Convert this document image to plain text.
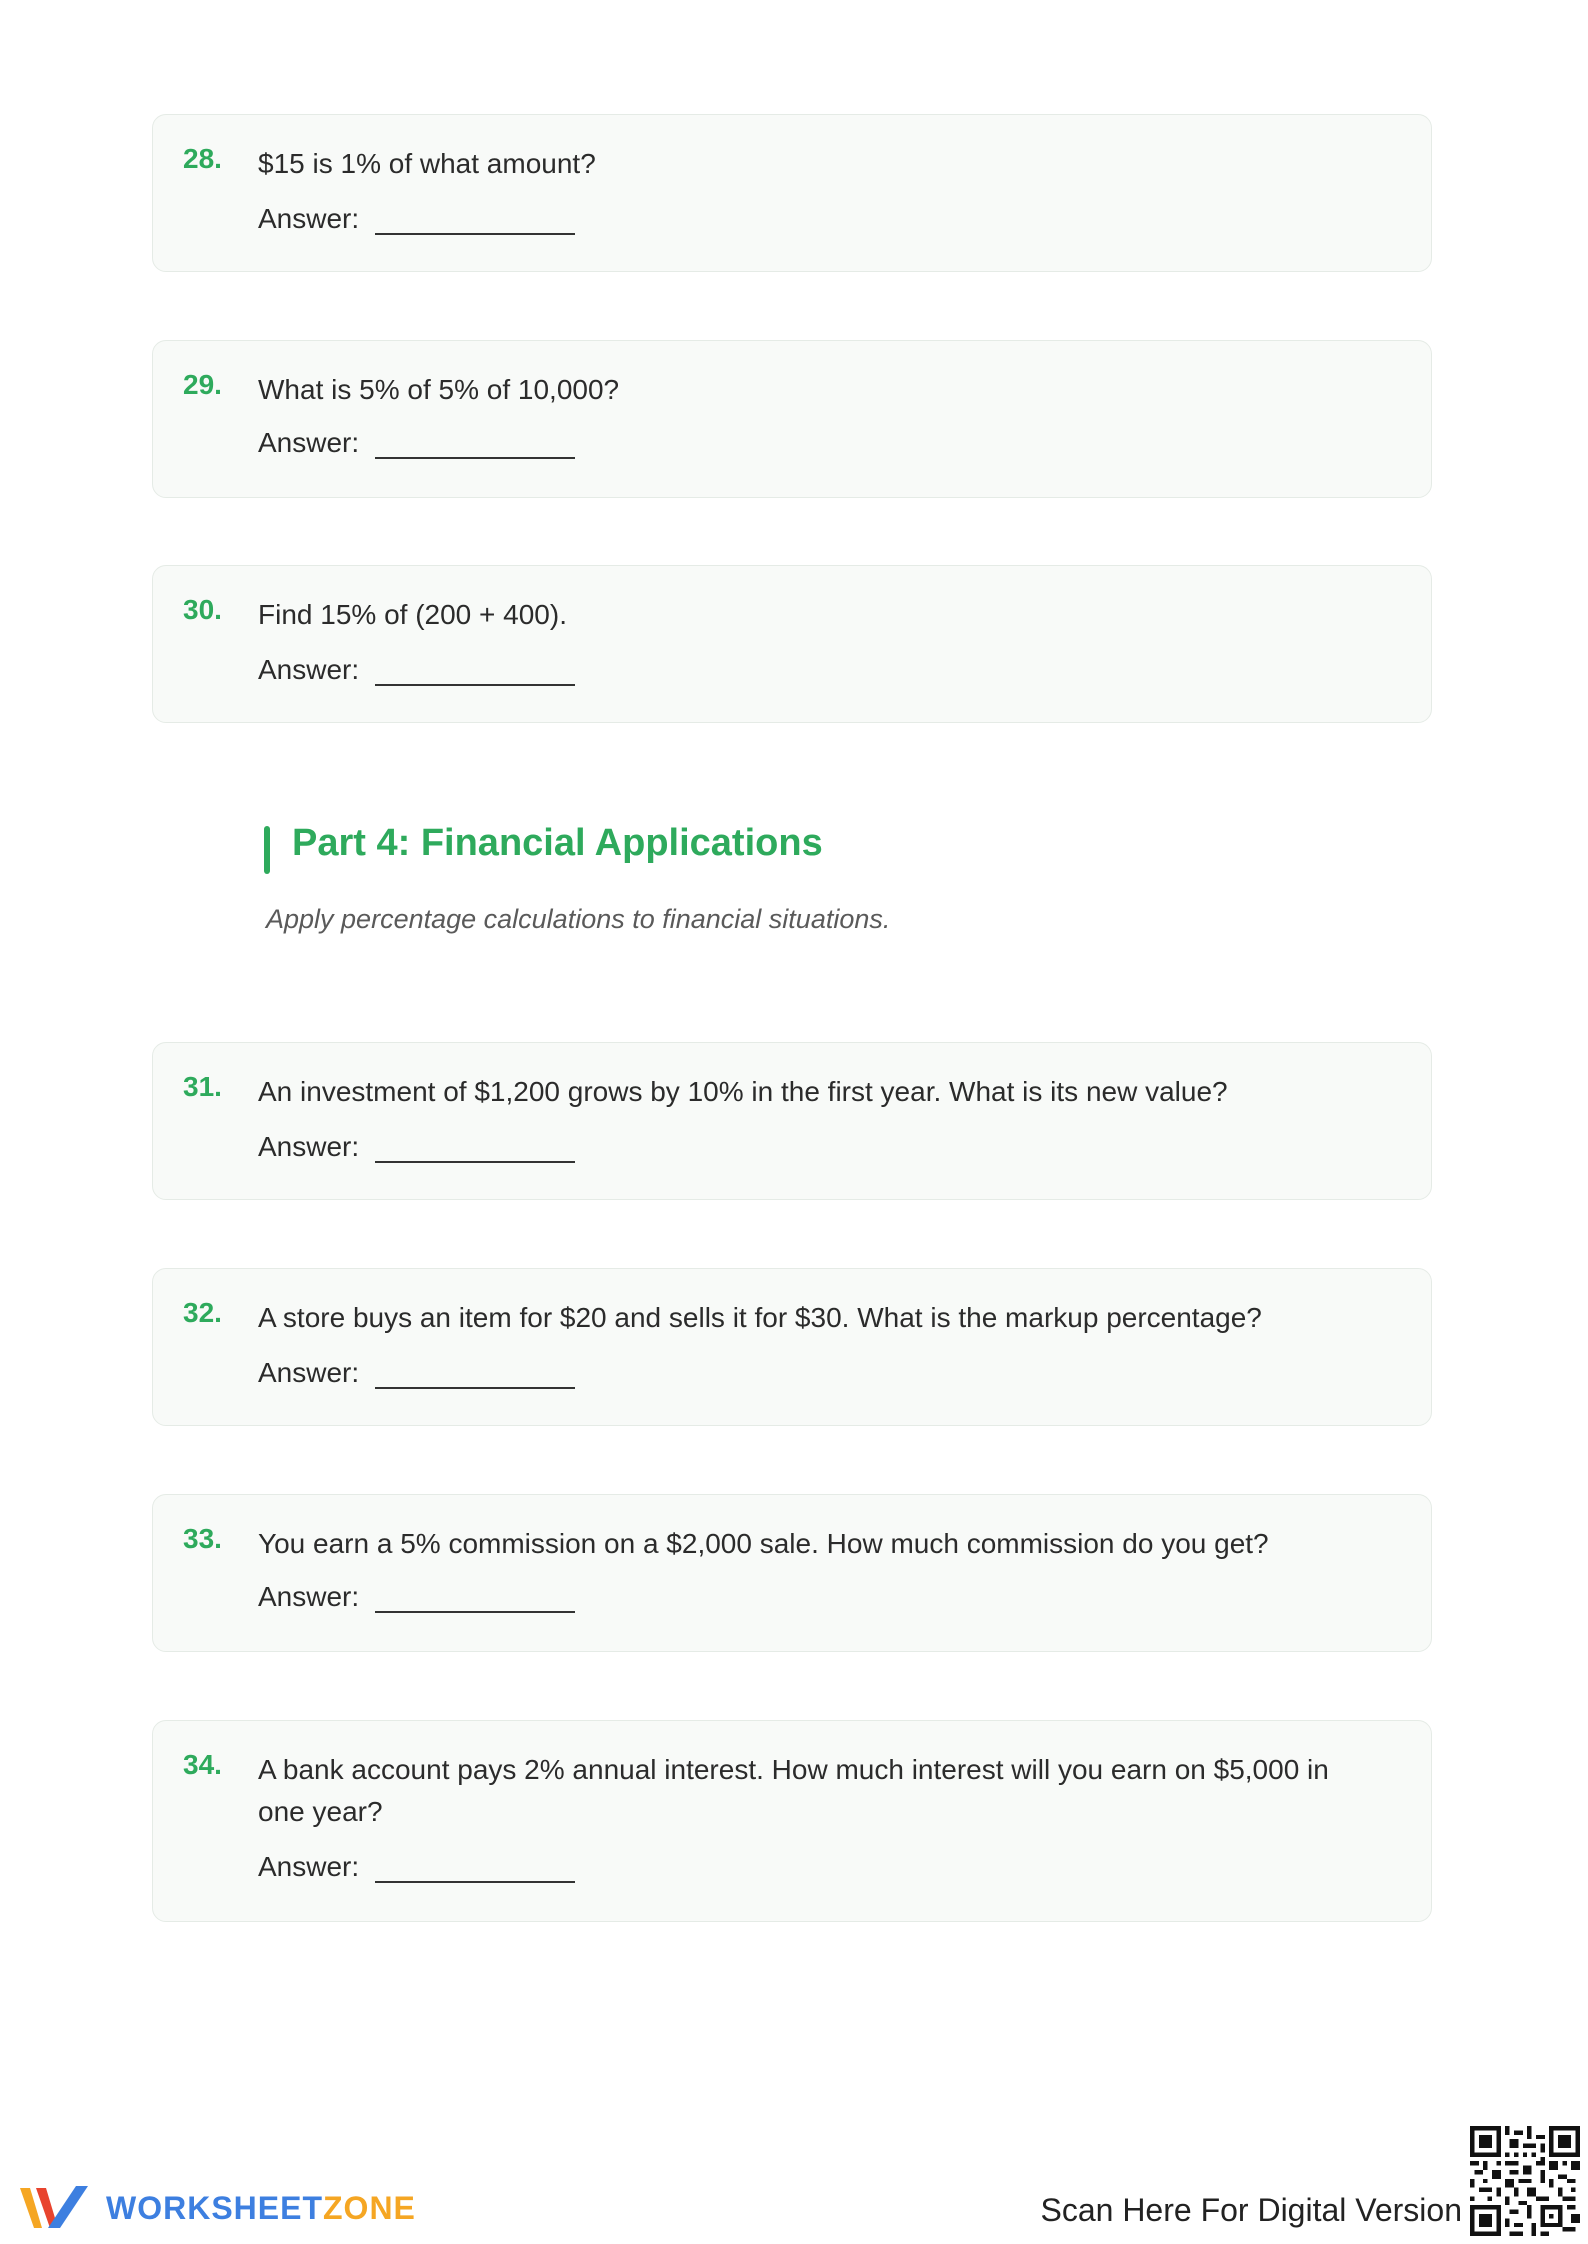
28. $15 is 1% of what amount?
Answer:
29. What is 5% of 5% of 10,000?
Answer:
30. Find 15% of (200 + 400).
Answer:
Part 4: Financial Applications
Apply percentage calculations to financial situations.
31. An investment of $1,200 grows by 10% in the first year. What is its new value?
Answer:
32. A store buys an item for $20 and sells it for $30. What is the markup percentage?
Answer:
33. You earn a 5% commission on a $2,000 sale. How much commission do you get?
Answer:
34. A bank account pays 2% annual interest. How much interest will you earn on $5,000 in one year?
Answer:
WORKSHEETZONE	Scan Here For Digital Version
